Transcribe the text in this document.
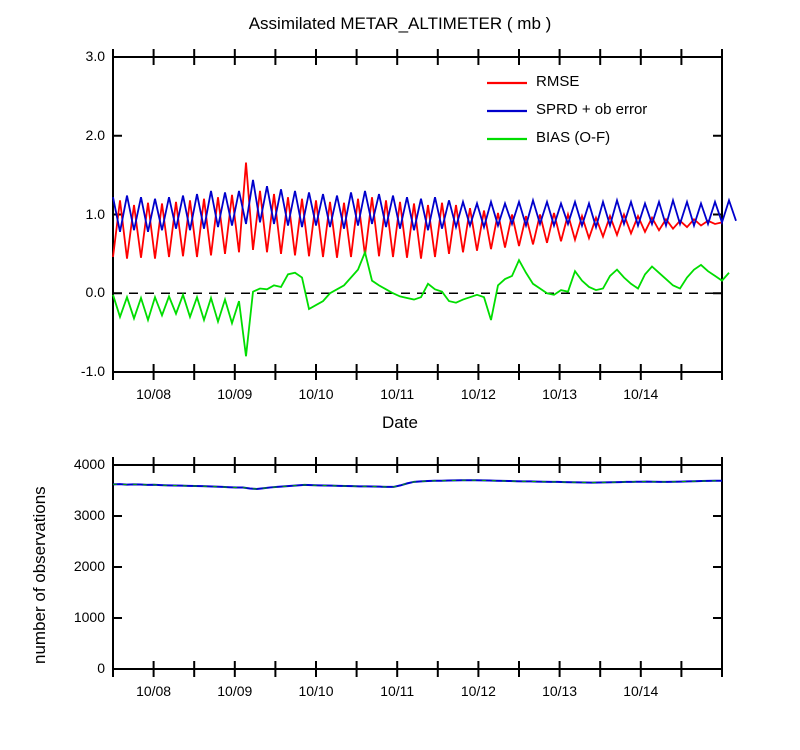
Assimilated METAR_ALTIMETER ( mb )
Date
RMSE
SPRD + ob error
BIAS (O-F)
number of observations
3.0
2.0
1.0
0.0
-1.0
10/08	10/09	10/10	10/11	10/12	10/13	10/14
4000
3000
2000
1000
0
10/08	10/09	10/10	10/11	10/12	10/13	10/14
